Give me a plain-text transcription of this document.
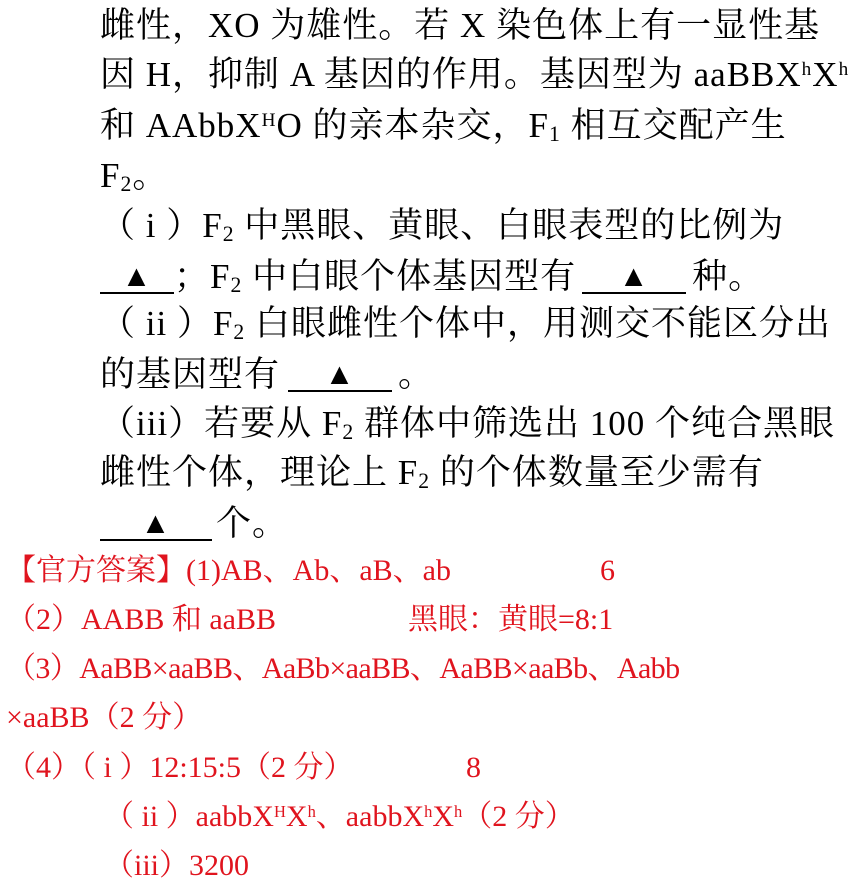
雌性，XO 为雄性。若 X 染色体上有一显性基
因 H，抑制 A 基因的作用。基因型为 $aaBBX^hX^h$
和 AAbbX$^H$O 的亲本杂交，$F_1$ 相互交配产生
$F_2$。
（ i ）$F_2$ 中黑眼、黄眼、白眼表型的比例为
▲ ；$F_2$ 中白眼个体基因型有 ▲ 种。
（ ii ）$F_2$ 白眼雌性个体中，用测交不能区分出
的基因型有 ▲ 。
（iii）若要从 $F_2$ 群体中筛选出 100 个纯合黑眼
雌性个体，理论上 $F_2$ 的个体数量至少需有
▲ 个。
【官方答案】(1)AB、Ab、aB、ab	6
（2）AABB 和 aaBB	黑眼：黄眼=8:1
（3）AaBB×aaBB、AaBb×aaBB、AaBB×aaBb、Aabb
×aaBB（2 分）
（4）（ i ）12:15:5（2 分）	8
（ ii ）$aabbX^HX^h$、$aabbX^hX^h(2$ 分）
（iii）3200
